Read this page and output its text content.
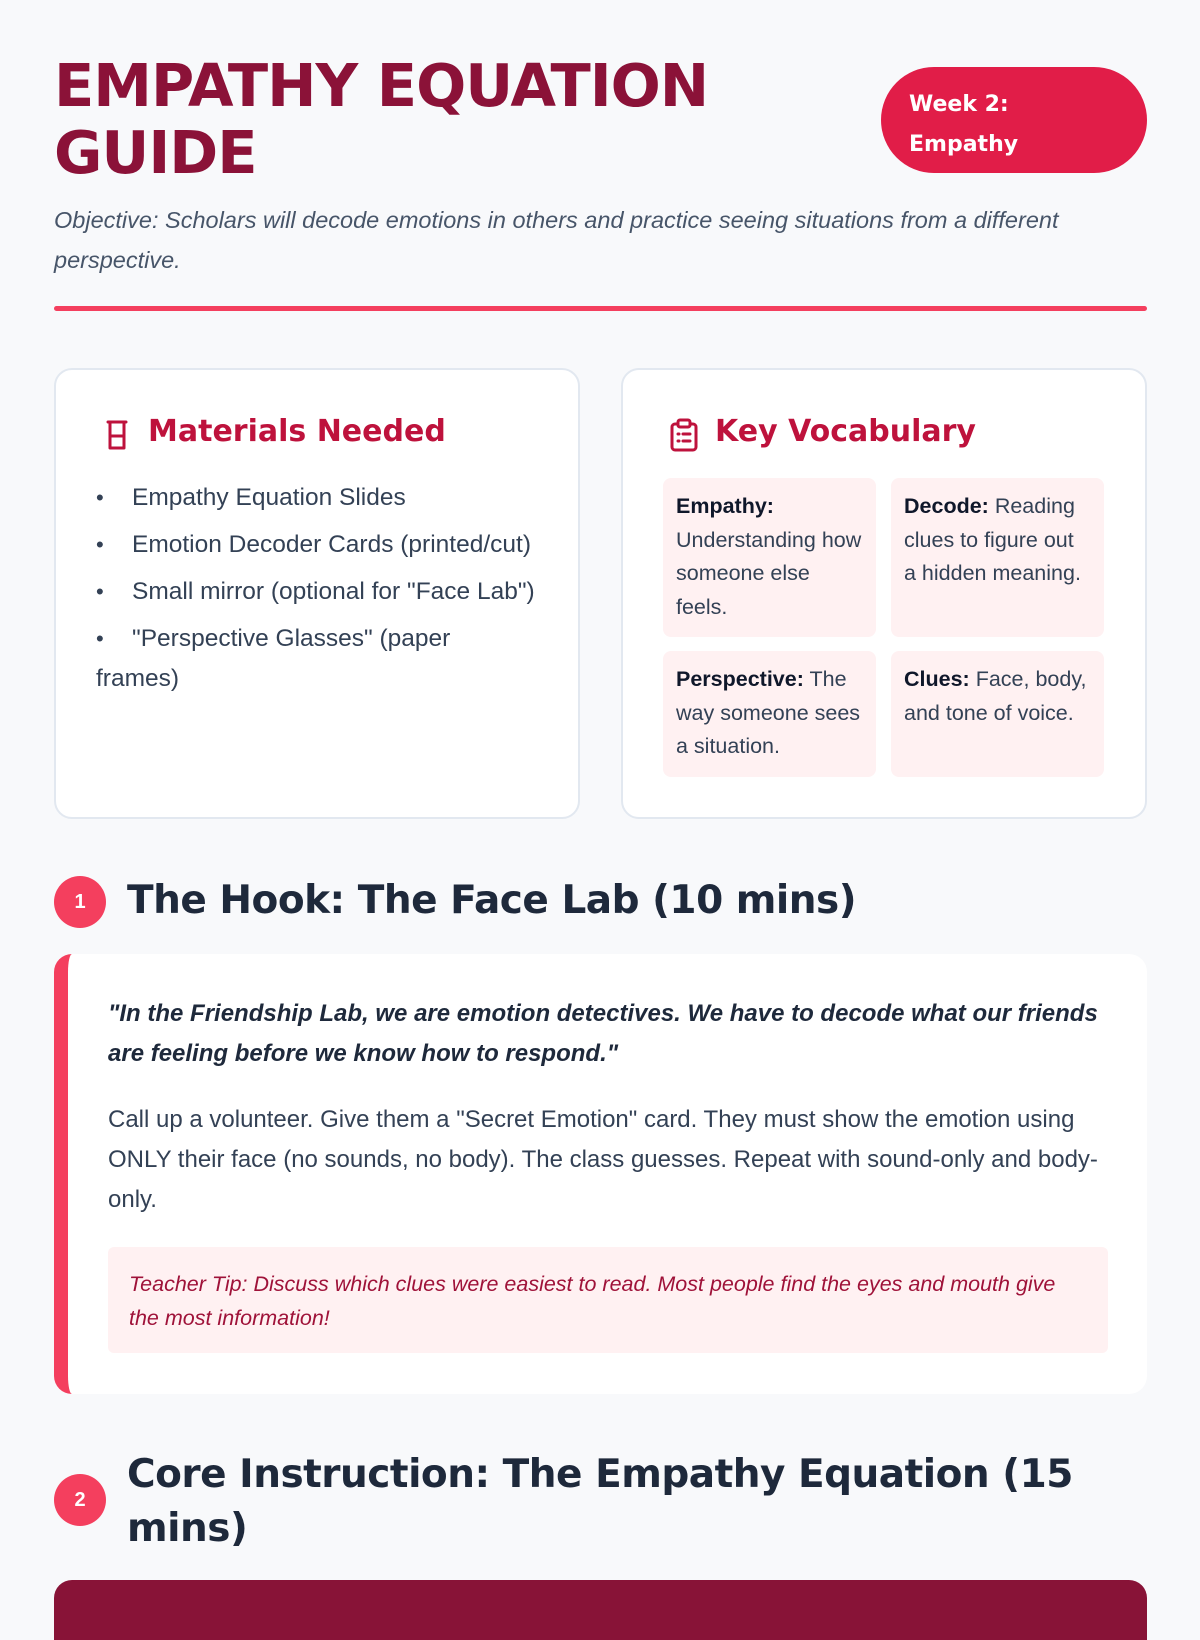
EMPATHY EQUATION GUIDE
Week 2: Empathy

Objective: Scholars will decode emotions in others and practice seeing situations from a different perspective.

Materials Needed
• Empathy Equation Slides
• Emotion Decoder Cards (printed/cut)
• Small mirror (optional for "Face Lab")
• "Perspective Glasses" (paper frames)
Key Vocabulary
Empathy: Understanding how someone else feels.
Decode: Reading clues to figure out a hidden meaning.
Perspective: The way someone sees a situation.
Clues: Face, body, and tone of voice.
1	The Hook: The Face Lab (10 mins)

"In the Friendship Lab, we are emotion detectives. We have to decode what our friends are feeling before we know how to respond."

Call up a volunteer. Give them a "Secret Emotion" card. They must show the emotion using ONLY their face (no sounds, no body). The class guesses. Repeat with sound-only and body-only.

Teacher Tip: Discuss which clues were easiest to read. Most people find the eyes and mouth give the most information!
2
Core Instruction: The Empathy Equation (15 mins)
